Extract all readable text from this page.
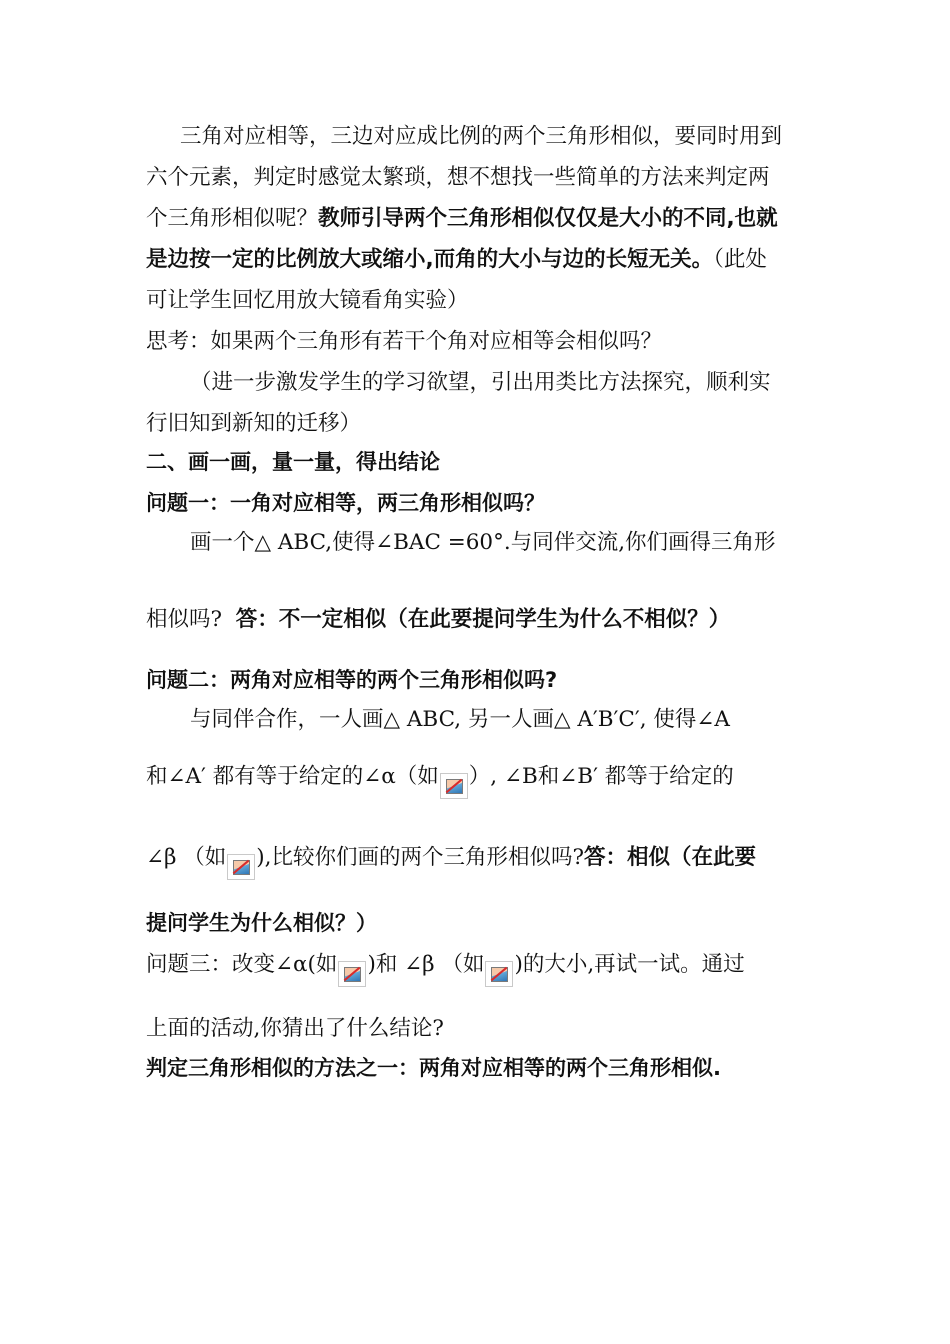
三角对应相等，三边对应成比例的两个三角形相似，要同时用到
六个元素，判定时感觉太繁琐，想不想找一些简单的方法来判定两
个三角形相似呢？教师引导两个三角形相似仅仅是大小的不同,也就
是边按一定的比例放大或缩小,而角的大小与边的长短无关。（此处
可让学生回忆用放大镜看角实验）
思考：如果两个三角形有若干个角对应相等会相似吗？
（进一步激发学生的学习欲望，引出用类比方法探究，顺利实
行旧知到新知的迁移）
二、画一画，量一量，得出结论
问题一：一角对应相等，两三角形相似吗？
画一个△ ABC,使得∠BAC =60°.与同伴交流,你们画得三角形
相似吗? 答：不一定相似（在此要提问学生为什么不相似？）
问题二：两角对应相等的两个三角形相似吗?
与同伴合作，一人画△ ABC, 另一人画△ A′B′C′, 使得∠A
和∠A′ 都有等于给定的∠α（如 ）, ∠B和∠B′ 都等于给定的
∠β （如 ),比较你们画的两个三角形相似吗?答：相似（在此要
提问学生为什么相似？）
问题三：改变∠α(如 )和 ∠β （如 )的大小,再试一试。通过
上面的活动,你猜出了什么结论?
判定三角形相似的方法之一：两角对应相等的两个三角形相似.
